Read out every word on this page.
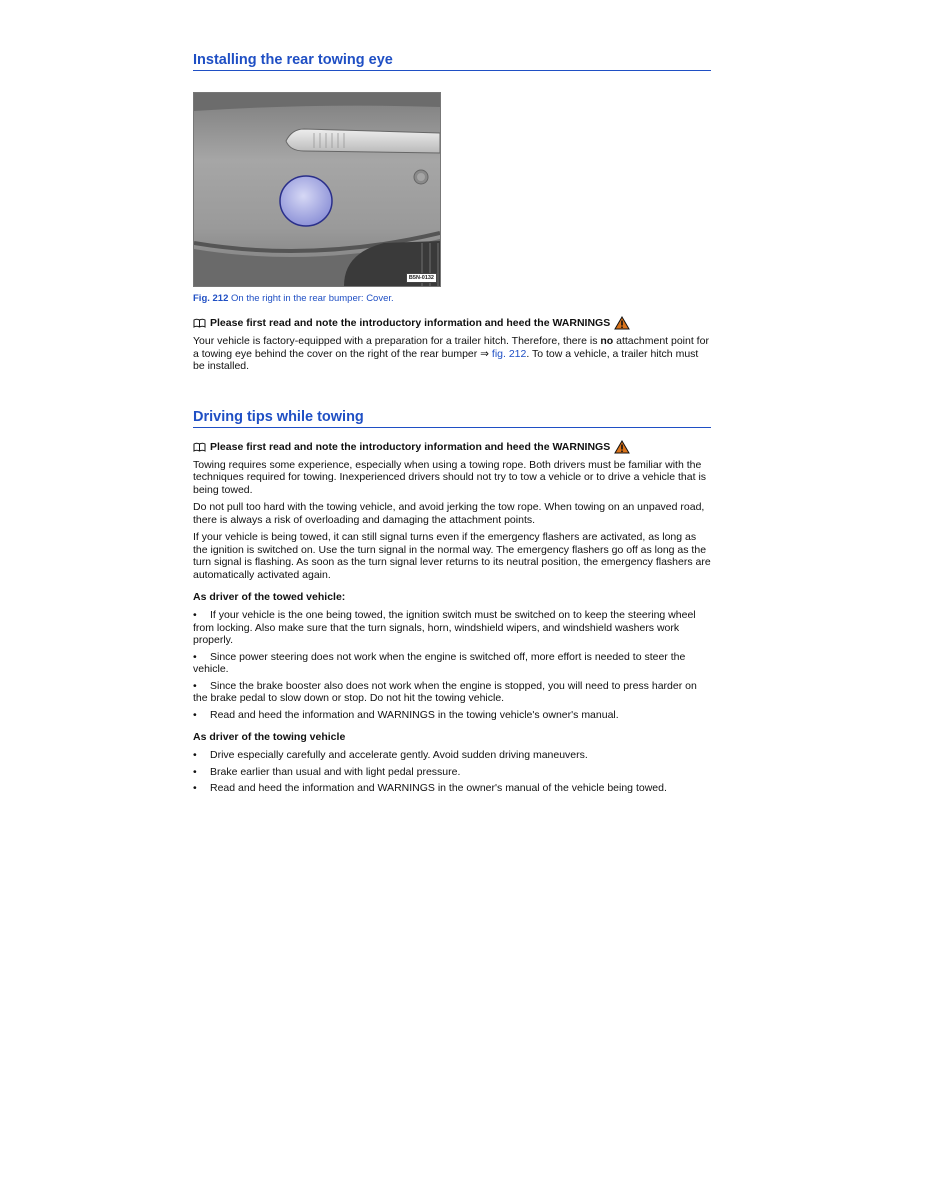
Installing the rear towing eye
B5N-0132
Fig. 212 On the right in the rear bumper: Cover.
Please first read and note the introductory information and heed the WARNINGS

Your vehicle is factory-equipped with a preparation for a trailer hitch. Therefore, there is no attachment point for a towing eye behind the cover on the right of the rear bumper ⇒ fig. 212. To tow a vehicle, a trailer hitch must be installed.

Driving tips while towing
Please first read and note the introductory information and heed the WARNINGS

Towing requires some experience, especially when using a towing rope. Both drivers must be familiar with the techniques required for towing. Inexperienced drivers should not try to tow a vehicle or to drive a vehicle that is being towed.

Do not pull too hard with the towing vehicle, and avoid jerking the tow rope. When towing on an unpaved road, there is always a risk of overloading and damaging the attachment points.

If your vehicle is being towed, it can still signal turns even if the emergency flashers are activated, as long as the ignition is switched on. Use the turn signal in the normal way. The emergency flashers go off as long as the turn signal is flashing. As soon as the turn signal lever returns to its neutral position, the emergency flashers are automatically activated again.

As driver of the towed vehicle:
• If your vehicle is the one being towed, the ignition switch must be switched on to keep the steering wheel from locking. Also make sure that the turn signals, horn, windshield wipers, and windshield washers work properly.
• Since power steering does not work when the engine is switched off, more effort is needed to steer the vehicle.
• Since the brake booster also does not work when the engine is stopped, you will need to press harder on the brake pedal to slow down or stop. Do not hit the towing vehicle.
• Read and heed the information and WARNINGS in the towing vehicle's owner's manual.
As driver of the towing vehicle
• Drive especially carefully and accelerate gently. Avoid sudden driving maneuvers.
• Brake earlier than usual and with light pedal pressure.
• Read and heed the information and WARNINGS in the owner's manual of the vehicle being towed.
